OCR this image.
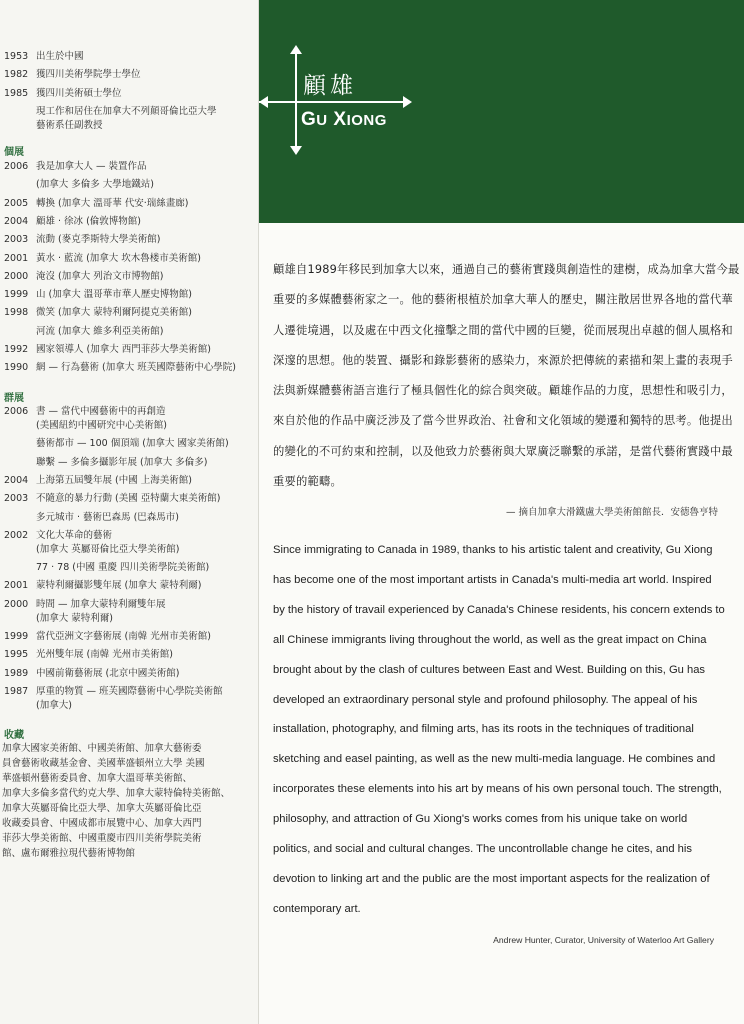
顧雄
GU XIONG
1953 出生於中國
1982 獲四川美術學院學士學位
1985 獲四川美術碩士學位
現工作和居住在加拿大不列顛哥倫比亞大學
藝術系任副教授
個展
2006 我是加拿大人 — 裝置作品
(加拿大 多倫多 大學地鐵站)
2005 轉換 (加拿大 溫哥華 代安·瑞絲畫廊)
2004 顧雄 · 徐冰 (倫敦博物館)
2003 流動 (麥克季斯特大學美術館)
2001 黃水 · 藍流 (加拿大 坎木魯楼市美術館)
2000 淹沒 (加拿大 列治文市博物館)
1999 山 (加拿大 溫哥華市華人歷史博物館)
1998 微笑 (加拿大 蒙特利爾阿提克美術館)
河流 (加拿大 維多利亞美術館)
1992 國家領導人 (加拿大 西門菲莎大學美術館)
1990 網 — 行為藝術 (加拿大 班芙國際藝術中心學院)
群展
2006 書 — 當代中國藝術中的再創造
(美國紐約中國研究中心美術館)
藝術都市 — 100 個頂端 (加拿大 國家美術館)
聯繫 — 多倫多攝影年展 (加拿大 多倫多)
2004 上海第五屆雙年展 (中國 上海美術館)
2003 不隨意的暴力行動 (美國 亞特蘭大東美術館)
多元城市 · 藝術巴森馬 (巴森馬市)
2002 文化大革命的藝術
(加拿大 英屬哥倫比亞大學美術館)
77 · 78 (中國 重慶 四川美術學院美術館)
2001 蒙特利爾攝影雙年展 (加拿大 蒙特利爾)
2000 時間 — 加拿大蒙特利爾雙年展
(加拿大 蒙特利爾)
1999 當代亞洲文字藝術展 (南韓 光州市美術館)
1995 光州雙年展 (南韓 光州市美術館)
1989 中國前衛藝術展 (北京中國美術館)
1987 厚重的物質 — 班芙國際藝術中心學院美術館
(加拿大)
收藏
加拿大國家美術館、中國美術館、加拿大藝術委
員會藝術收藏基金會、美國華盛頓州立大學 美國
華盛頓州藝術委員會、加拿大溫哥華美術館、
加拿大多倫多當代約克大學、加拿大蒙特倫特美術館、
加拿大英屬哥倫比亞大學、加拿大英屬哥倫比亞
收藏委員會、中國成都市展覽中心、加拿大西門
菲莎大學美術館、中國重慶市四川美術學院美術
館、盧布爾雅拉現代藝術博物館
顧雄自1989年移民到加拿大以來，通過自己的藝術實踐與創造性的建樹，成為加拿大當今最
重要的多媒體藝術家之一。他的藝術根植於加拿大華人的歷史，關注散居世界各地的當代華
人遷徙境遇，以及處在中西文化撞擊之間的當代中國的巨變，從而展現出卓越的個人風格和
深邃的思想。他的裝置、攝影和錄影藝術的感染力，來源於把傳統的素描和架上畫的表現手
法與新媒體藝術語言進行了極具個性化的綜合與突破。顧雄作品的力度，思想性和吸引力，
來自於他的作品中廣泛涉及了當今世界政治、社會和文化領域的變遷和獨特的思考。他提出
的變化的不可約束和控制，以及他致力於藝術與大眾廣泛聯繫的承諾，是當代藝術實踐中最
重要的範疇。
— 摘自加拿大滑鐵盧大學美術館館長．安德魯亨特
Since immigrating to Canada in 1989, thanks to his artistic talent and creativity, Gu Xiong
has become one of the most important artists in Canada's multi-media art world. Inspired
by the history of travail experienced by Canada's Chinese residents, his concern extends to
all Chinese immigrants living throughout the world, as well as the great impact on China
brought about by the clash of cultures between East and West. Building on this, Gu has
developed an extraordinary personal style and profound philosophy. The appeal of his
installation, photography, and filming arts, has its roots in the techniques of traditional
sketching and easel painting, as well as the new multi-media language. He combines and
incorporates these elements into his art by means of his own personal touch. The strength,
philosophy, and attraction of Gu Xiong's works comes from his unique take on world
politics, and social and cultural changes. The uncontrollable change he cites, and his
devotion to linking art and the public are the most important aspects for the realization of
contemporary art.
Andrew Hunter, Curator, University of Waterloo Art Gallery
